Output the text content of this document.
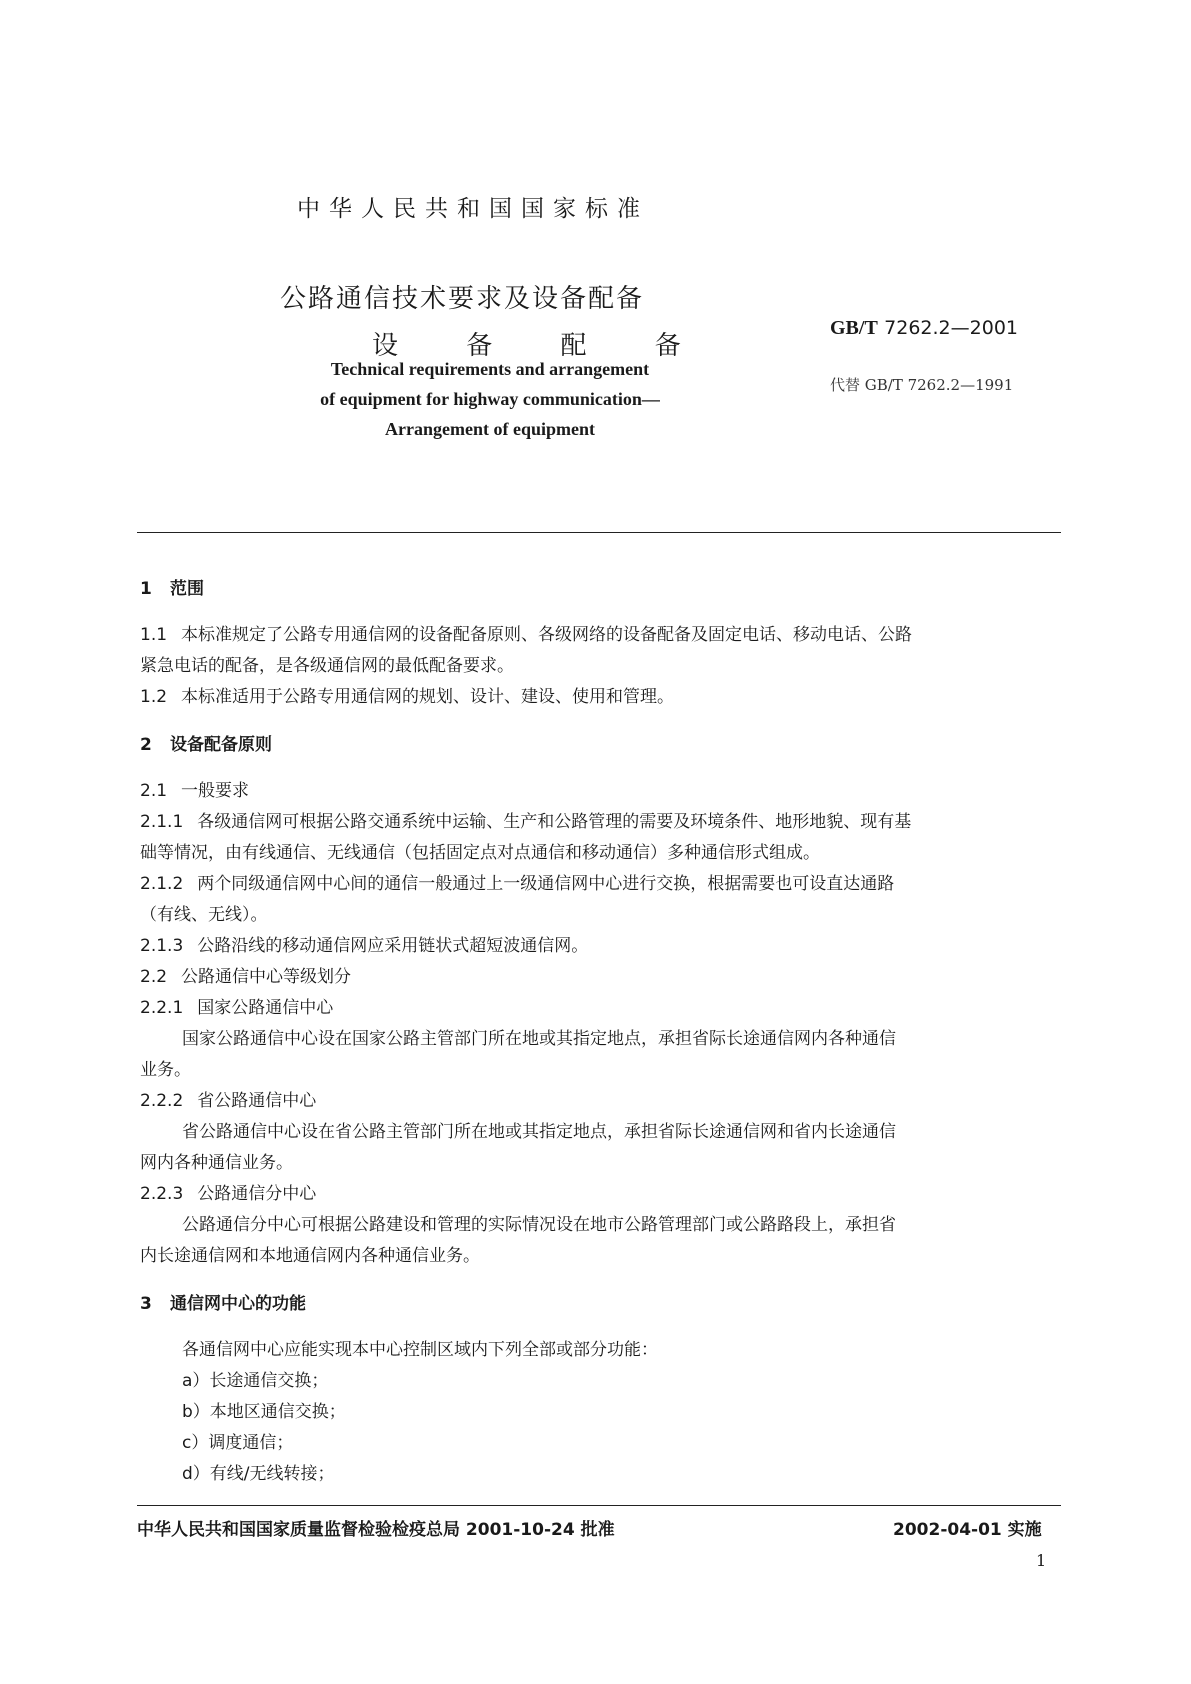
中华人民共和国国家标准
公路通信技术要求及设备配备
设 备 配 备
GB/T 7262.2—2001
代替 GB/T 7262.2—1991
Technical requirements and arrangement
of equipment for highway communication—
Arrangement of equipment
1 范围
1.1 本标准规定了公路专用通信网的设备配备原则、各级网络的设备配备及固定电话、移动电话、公路
紧急电话的配备，是各级通信网的最低配备要求。
1.2 本标准适用于公路专用通信网的规划、设计、建设、使用和管理。
2 设备配备原则
2.1 一般要求
2.1.1 各级通信网可根据公路交通系统中运输、生产和公路管理的需要及环境条件、地形地貌、现有基
础等情况，由有线通信、无线通信（包括固定点对点通信和移动通信）多种通信形式组成。
2.1.2 两个同级通信网中心间的通信一般通过上一级通信网中心进行交换，根据需要也可设直达通路
（有线、无线）。
2.1.3 公路沿线的移动通信网应采用链状式超短波通信网。
2.2 公路通信中心等级划分
2.2.1 国家公路通信中心
国家公路通信中心设在国家公路主管部门所在地或其指定地点，承担省际长途通信网内各种通信
业务。
2.2.2 省公路通信中心
省公路通信中心设在省公路主管部门所在地或其指定地点，承担省际长途通信网和省内长途通信
网内各种通信业务。
2.2.3 公路通信分中心
公路通信分中心可根据公路建设和管理的实际情况设在地市公路管理部门或公路路段上，承担省
内长途通信网和本地通信网内各种通信业务。
3 通信网中心的功能
各通信网中心应能实现本中心控制区域内下列全部或部分功能：
a）长途通信交换；
b）本地区通信交换；
c）调度通信；
d）有线/无线转接；
中华人民共和国国家质量监督检验检疫总局 2001-10-24 批准	2002-04-01 实施
1
